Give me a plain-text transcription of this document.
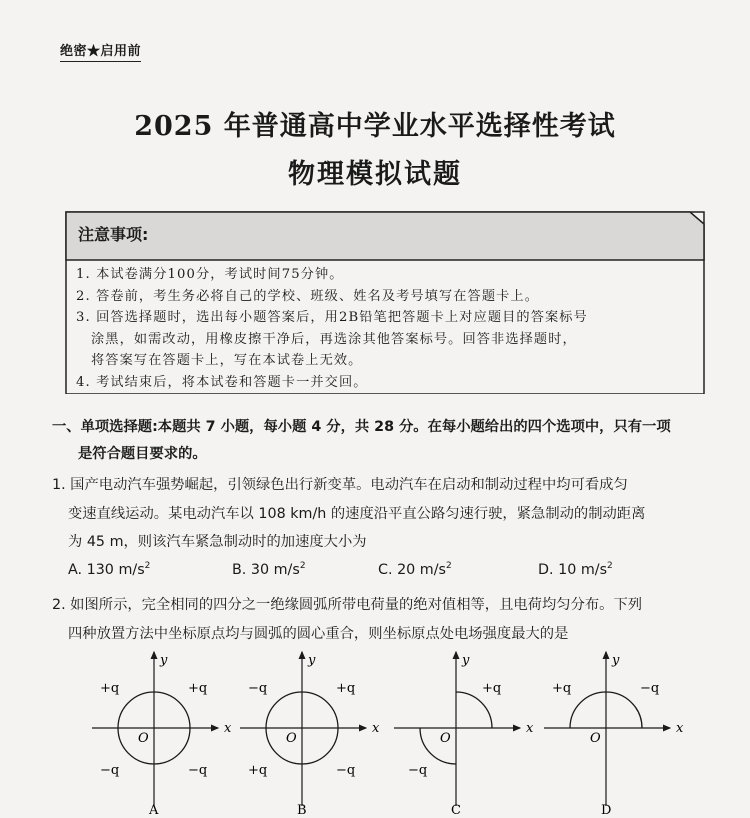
绝密★启用前
2025 年普通高中学业水平选择性考试
物理模拟试题
注意事项:
1. 本试卷满分100分，考试时间75分钟。
2. 答卷前，考生务必将自己的学校、班级、姓名及考号填写在答题卡上。
3. 回答选择题时，选出每小题答案后，用2B铅笔把答题卡上对应题目的答案标号
涂黑，如需改动，用橡皮擦干净后，再选涂其他答案标号。回答非选择题时，
将答案写在答题卡上，写在本试卷上无效。
4. 考试结束后，将本试卷和答题卡一并交回。
一、单项选择题:本题共 7 小题，每小题 4 分，共 28 分。在每小题给出的四个选项中，只有一项
是符合题目要求的。
1. 国产电动汽车强势崛起，引领绿色出行新变革。电动汽车在启动和制动过程中均可看成匀
变速直线运动。某电动汽车以 108 km/h 的速度沿平直公路匀速行驶，紧急制动的制动距离
为 45 m，则该汽车紧急制动时的加速度大小为
A. 130 $m/s^2$	B. 30 $m/s^2$	C. 20 $m/s^2$	D. 10 $m/s^2$
2. 如图所示，完全相同的四分之一绝缘圆弧所带电荷量的绝对值相等，且电荷均匀分布。下列
四种放置方法中坐标原点均与圆弧的圆心重合，则坐标原点处电场强度最大的是
x
y
O
+q	+q
−q	−q
A
x
y
O
−q	+q
+q	−q
B
x
y
O
+q
−q
C
x
y
O
+q	−q
D
